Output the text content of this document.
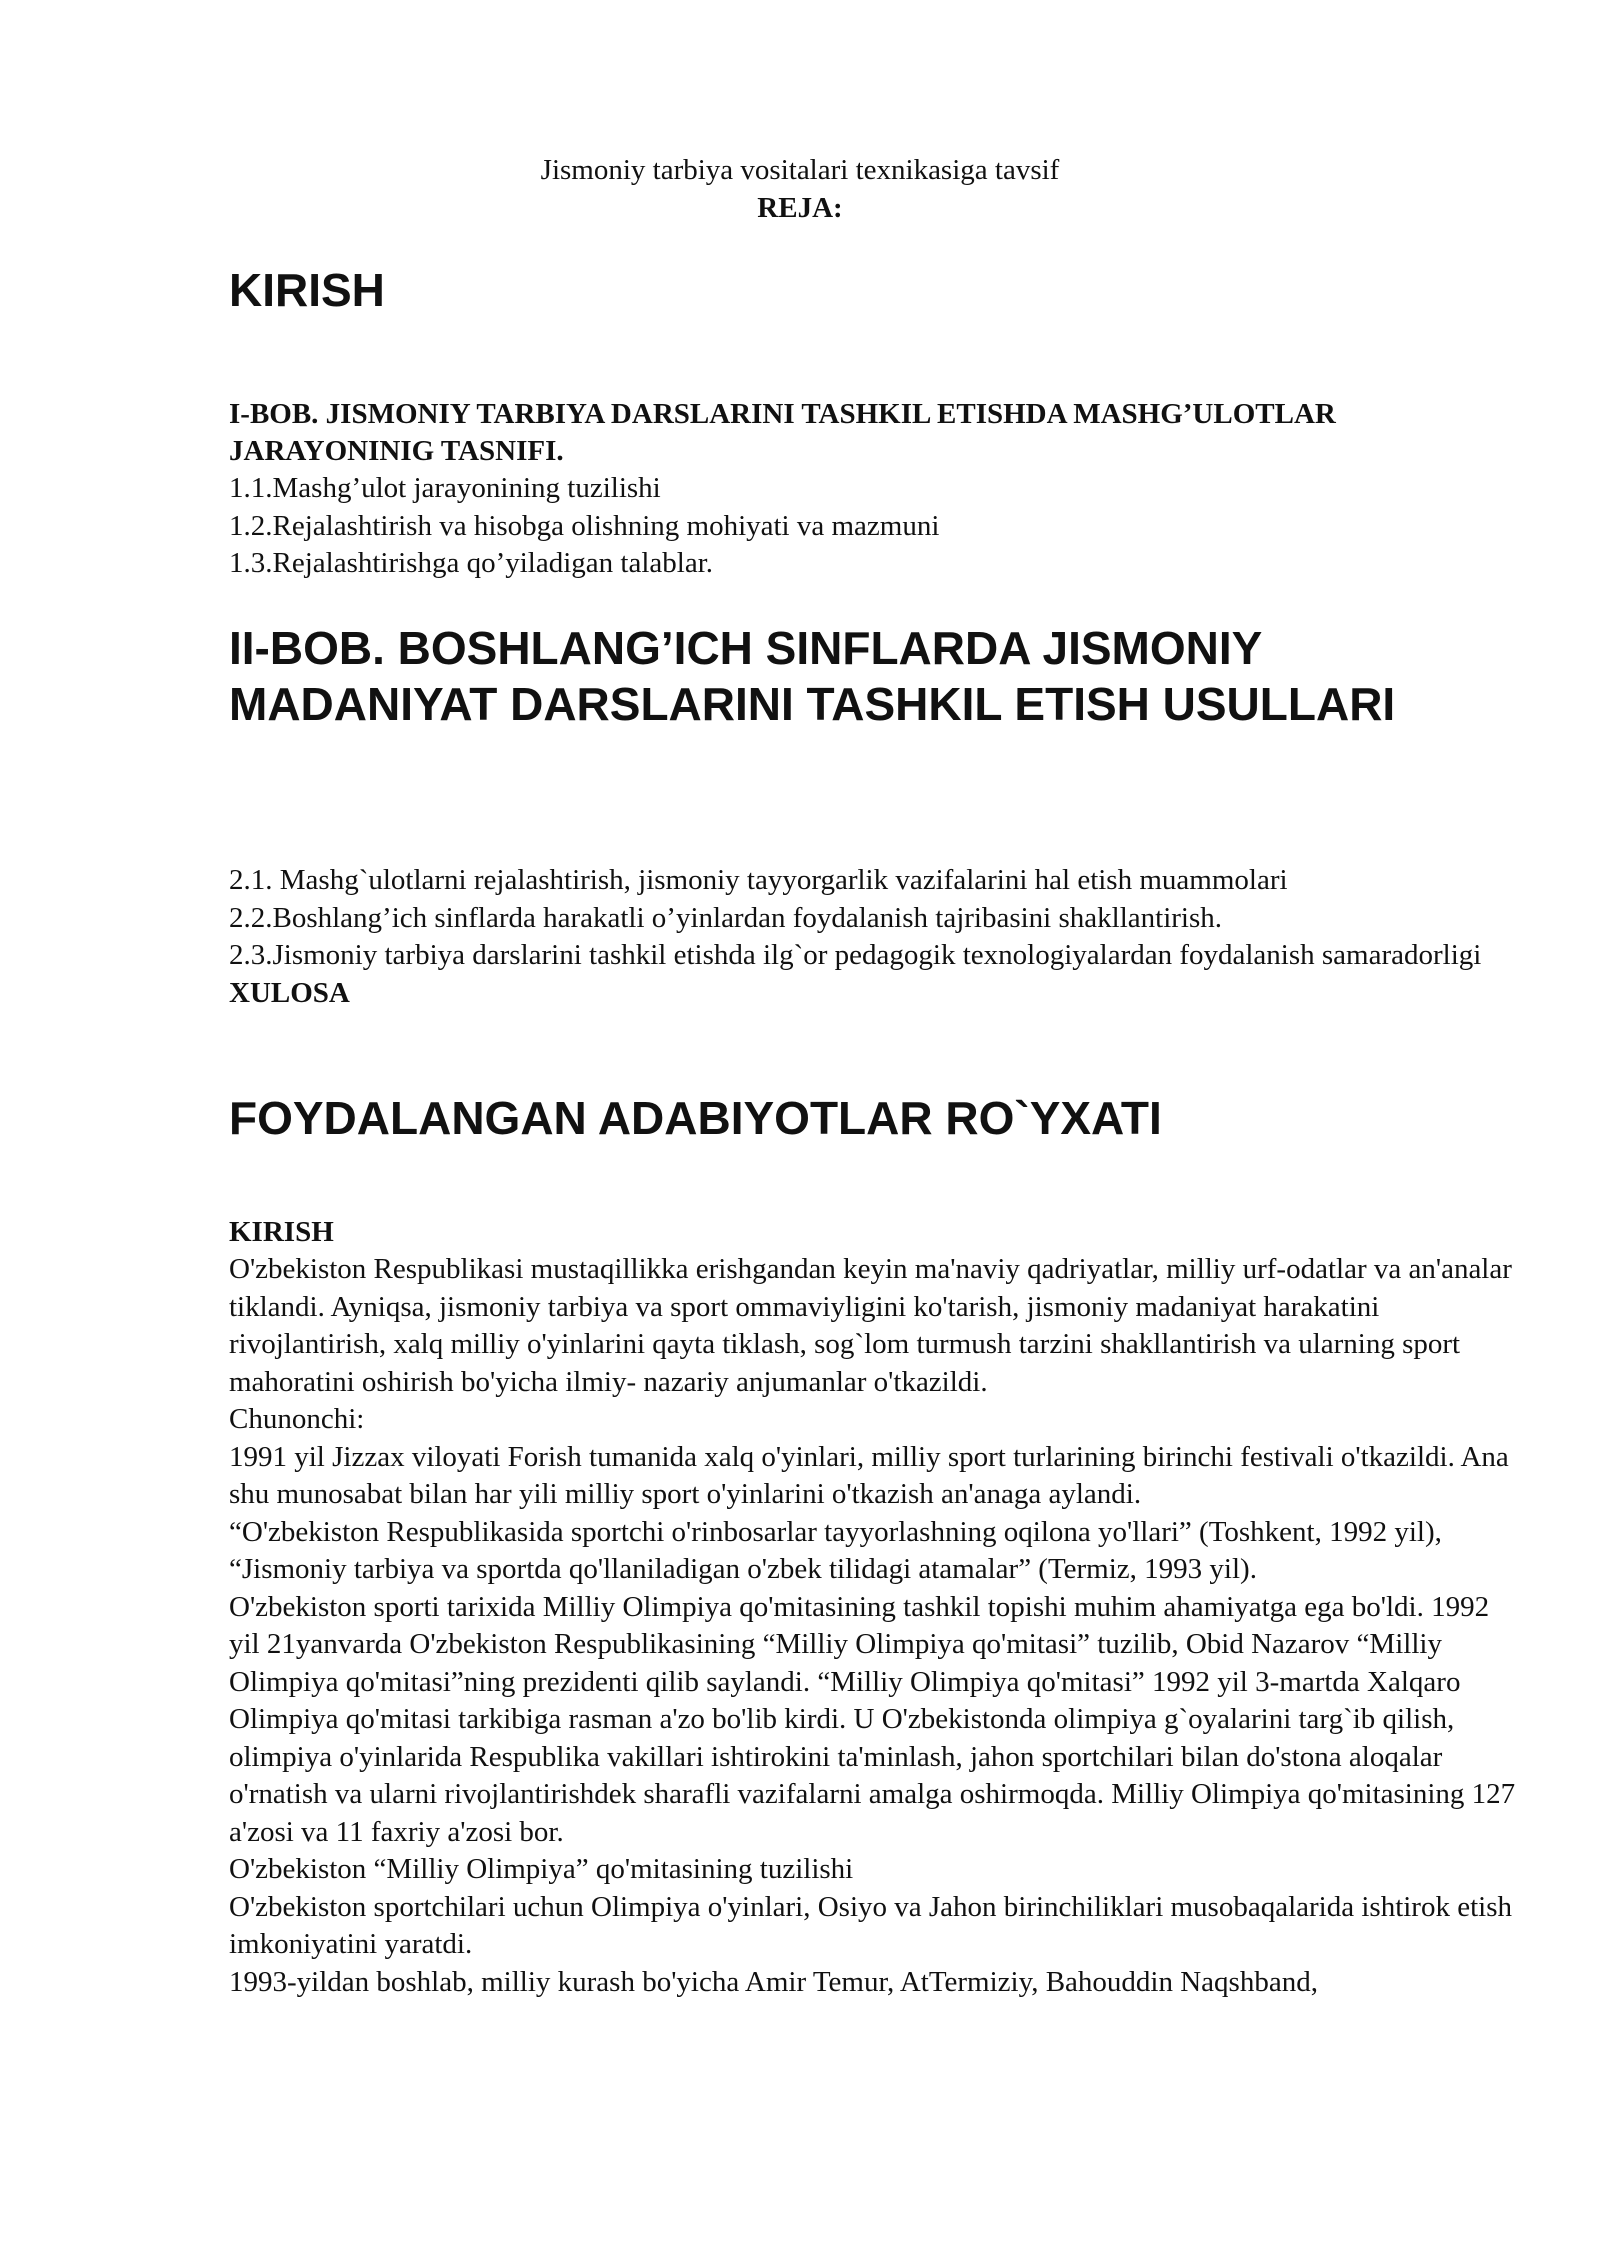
Jismoniy tarbiya vositalari texnikasiga tavsif
REJA:
KIRISH
I-BOB. JISMONIY TARBIYA DARSLARINI TASHKIL ETISHDA MASHG’ULOTLAR JARAYONINIG TASNIFI.
1.1.Mashg’ulot jarayonining tuzilishi
1.2.Rejalashtirish va hisobga olishning mohiyati va mazmuni
1.3.Rejalashtirishga qo’yiladigan talablar.
II-BOB. BOSHLANG’ICH SINFLARDA JISMONIY MADANIYAT DARSLARINI TASHKIL ETISH USULLARI
2.1. Mashg`ulotlarni rejalashtirish, jismoniy tayyorgarlik vazifalarini hal etish muammolari
2.2.Boshlang’ich sinflarda harakatli o’yinlardan foydalanish tajribasini shakllantirish.
2.3.Jismoniy tarbiya darslarini tashkil etishda ilg`or pedagogik texnologiyalardan foydalanish samaradorligi
XULOSA
FOYDALANGAN ADABIYOTLAR RO`YXATI
KIRISH

O'zbekiston Respublikasi mustaqillikka erishgandan keyin ma'naviy qadriyatlar, milliy urf-odatlar va an'analar tiklandi. Ayniqsa, jismoniy tarbiya va sport ommaviyligini ko'tarish, jismoniy madaniyat harakatini rivojlantirish, xalq milliy o'yinlarini qayta tiklash, sog`lom turmush tarzini shakllantirish va ularning sport mahoratini oshirish bo'yicha ilmiy- nazariy anjumanlar o'tkazildi.

Chunonchi:

1991 yil Jizzax viloyati Forish tumanida xalq o'yinlari, milliy sport turlarining birinchi festivali o'tkazildi. Ana shu munosabat bilan har yili milliy sport o'yinlarini o'tkazish an'anaga aylandi.

“O'zbekiston Respublikasida sportchi o'rinbosarlar tayyorlashning oqilona yo'llari” (Toshkent, 1992 yil), “Jismoniy tarbiya va sportda qo'llaniladigan o'zbek tilidagi atamalar” (Termiz, 1993 yil).

O'zbekiston sporti tarixida Milliy Olimpiya qo'mitasining tashkil topishi muhim ahamiyatga ega bo'ldi. 1992 yil 21yanvarda O'zbekiston Respublikasining “Milliy Olimpiya qo'mitasi” tuzilib, Obid Nazarov “Milliy Olimpiya qo'mitasi”ning prezidenti qilib saylandi. “Milliy Olimpiya qo'mitasi” 1992 yil 3-martda Xalqaro Olimpiya qo'mitasi tarkibiga rasman a'zo bo'lib kirdi. U O'zbekistonda olimpiya g`oyalarini targ`ib qilish, olimpiya o'yinlarida Respublika vakillari ishtirokini ta'minlash, jahon sportchilari bilan do'stona aloqalar o'rnatish va ularni rivojlantirishdek sharafli vazifalarni amalga oshirmoqda. Milliy Olimpiya qo'mitasining 127 a'zosi va 11 faxriy a'zosi bor.

O'zbekiston “Milliy Olimpiya” qo'mitasining tuzilishi

O'zbekiston sportchilari uchun Olimpiya o'yinlari, Osiyo va Jahon birinchiliklari musobaqalarida ishtirok etish imkoniyatini yaratdi.

1993-yildan boshlab, milliy kurash bo'yicha Amir Temur, AtTermiziy, Bahouddin Naqshband,
